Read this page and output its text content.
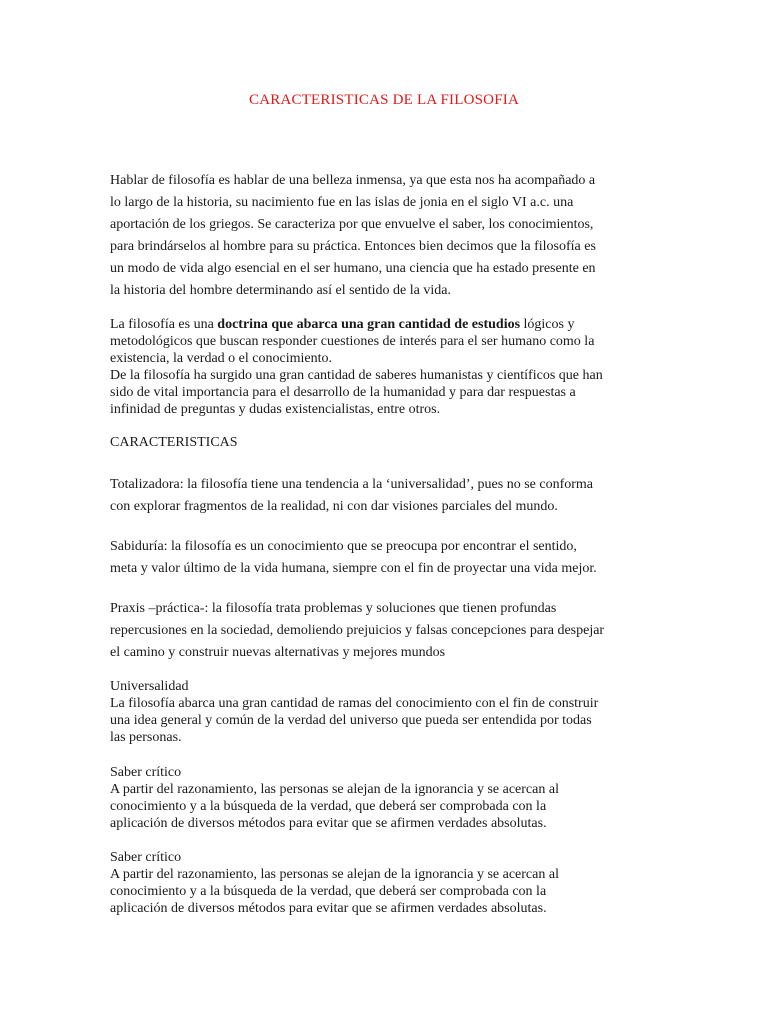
CARACTERISTICAS DE LA FILOSOFIA
Hablar de filosofía es hablar de una belleza inmensa, ya que esta nos ha acompañado a
lo largo de la historia, su nacimiento fue en las islas de jonia en el siglo VI a.c. una
aportación de los griegos. Se caracteriza por que envuelve el saber, los conocimientos,
para brindárselos al hombre para su práctica. Entonces bien decimos que la filosofía es
un modo de vida algo esencial en el ser humano, una ciencia que ha estado presente en
la historia del hombre determinando así el sentido de la vida.
La filosofía es una doctrina que abarca una gran cantidad de estudios lógicos y
metodológicos que buscan responder cuestiones de interés para el ser humano como la
existencia, la verdad o el conocimiento.
De la filosofía ha surgido una gran cantidad de saberes humanistas y científicos que han
sido de vital importancia para el desarrollo de la humanidad y para dar respuestas a
infinidad de preguntas y dudas existencialistas, entre otros.
CARACTERISTICAS
Totalizadora: la filosofía tiene una tendencia a la ‘universalidad’, pues no se conforma
con explorar fragmentos de la realidad, ni con dar visiones parciales del mundo.
Sabiduría: la filosofía es un conocimiento que se preocupa por encontrar el sentido,
meta y valor último de la vida humana, siempre con el fin de proyectar una vida mejor.
Praxis –práctica-: la filosofía trata problemas y soluciones que tienen profundas
repercusiones en la sociedad, demoliendo prejuicios y falsas concepciones para despejar
el camino y construir nuevas alternativas y mejores mundos
Universalidad
La filosofía abarca una gran cantidad de ramas del conocimiento con el fin de construir
una idea general y común de la verdad del universo que pueda ser entendida por todas
las personas.
Saber crítico
A partir del razonamiento, las personas se alejan de la ignorancia y se acercan al
conocimiento y a la búsqueda de la verdad, que deberá ser comprobada con la
aplicación de diversos métodos para evitar que se afirmen verdades absolutas.
Saber crítico
A partir del razonamiento, las personas se alejan de la ignorancia y se acercan al
conocimiento y a la búsqueda de la verdad, que deberá ser comprobada con la
aplicación de diversos métodos para evitar que se afirmen verdades absolutas.
